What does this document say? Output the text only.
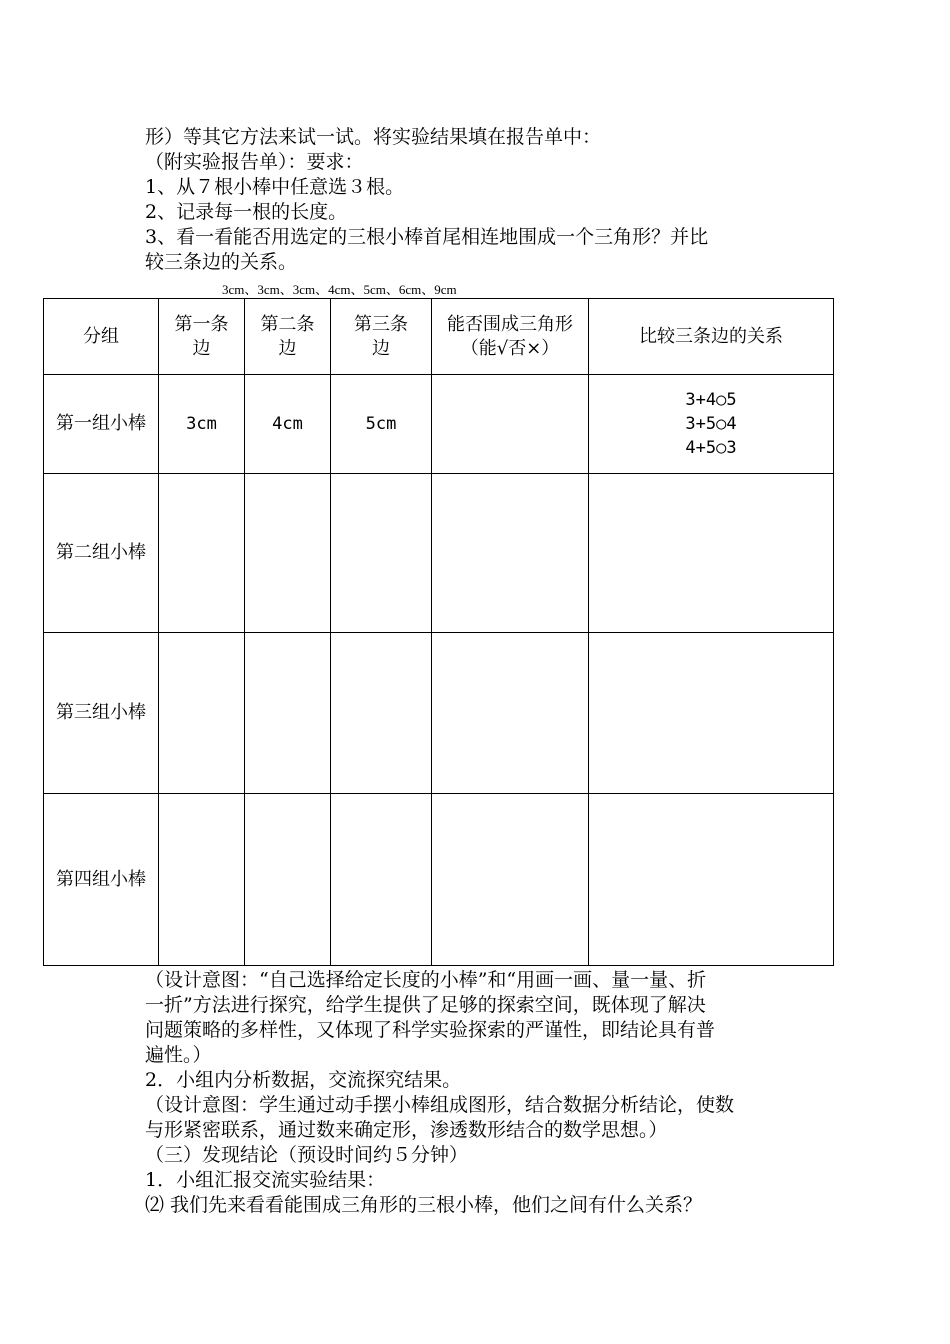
形）等其它方法来试一试。将实验结果填在报告单中：
（附实验报告单）：要求：
1、从７根小棒中任意选３根。
2、记录每一根的长度。
3、看一看能否用选定的三根小棒首尾相连地围成一个三角形？并比
较三条边的关系。
3cm、3cm、3cm、4cm、5cm、6cm、9cm
分组	第一条边	第二条边	第三条边	能否围成三角形（能√否×）	比较三条边的关系
第一组小棒	3cm	4cm	5cm		3+4○5
3+5○4
4+5○3

第二组小棒					
第三组小棒					
第四组小棒					
（设计意图：“自己选择给定长度的小棒”和“用画一画、量一量、折
一折”方法进行探究，给学生提供了足够的探索空间，既体现了解决
问题策略的多样性，又体现了科学实验探索的严谨性，即结论具有普
遍性。）
2．小组内分析数据，交流探究结果。
（设计意图：学生通过动手摆小棒组成图形，结合数据分析结论，使数
与形紧密联系，通过数来确定形，渗透数形结合的数学思想。）
（三）发现结论（预设时间约５分钟）
1．小组汇报交流实验结果：
⑵ 我们先来看看能围成三角形的三根小棒，他们之间有什么关系？
